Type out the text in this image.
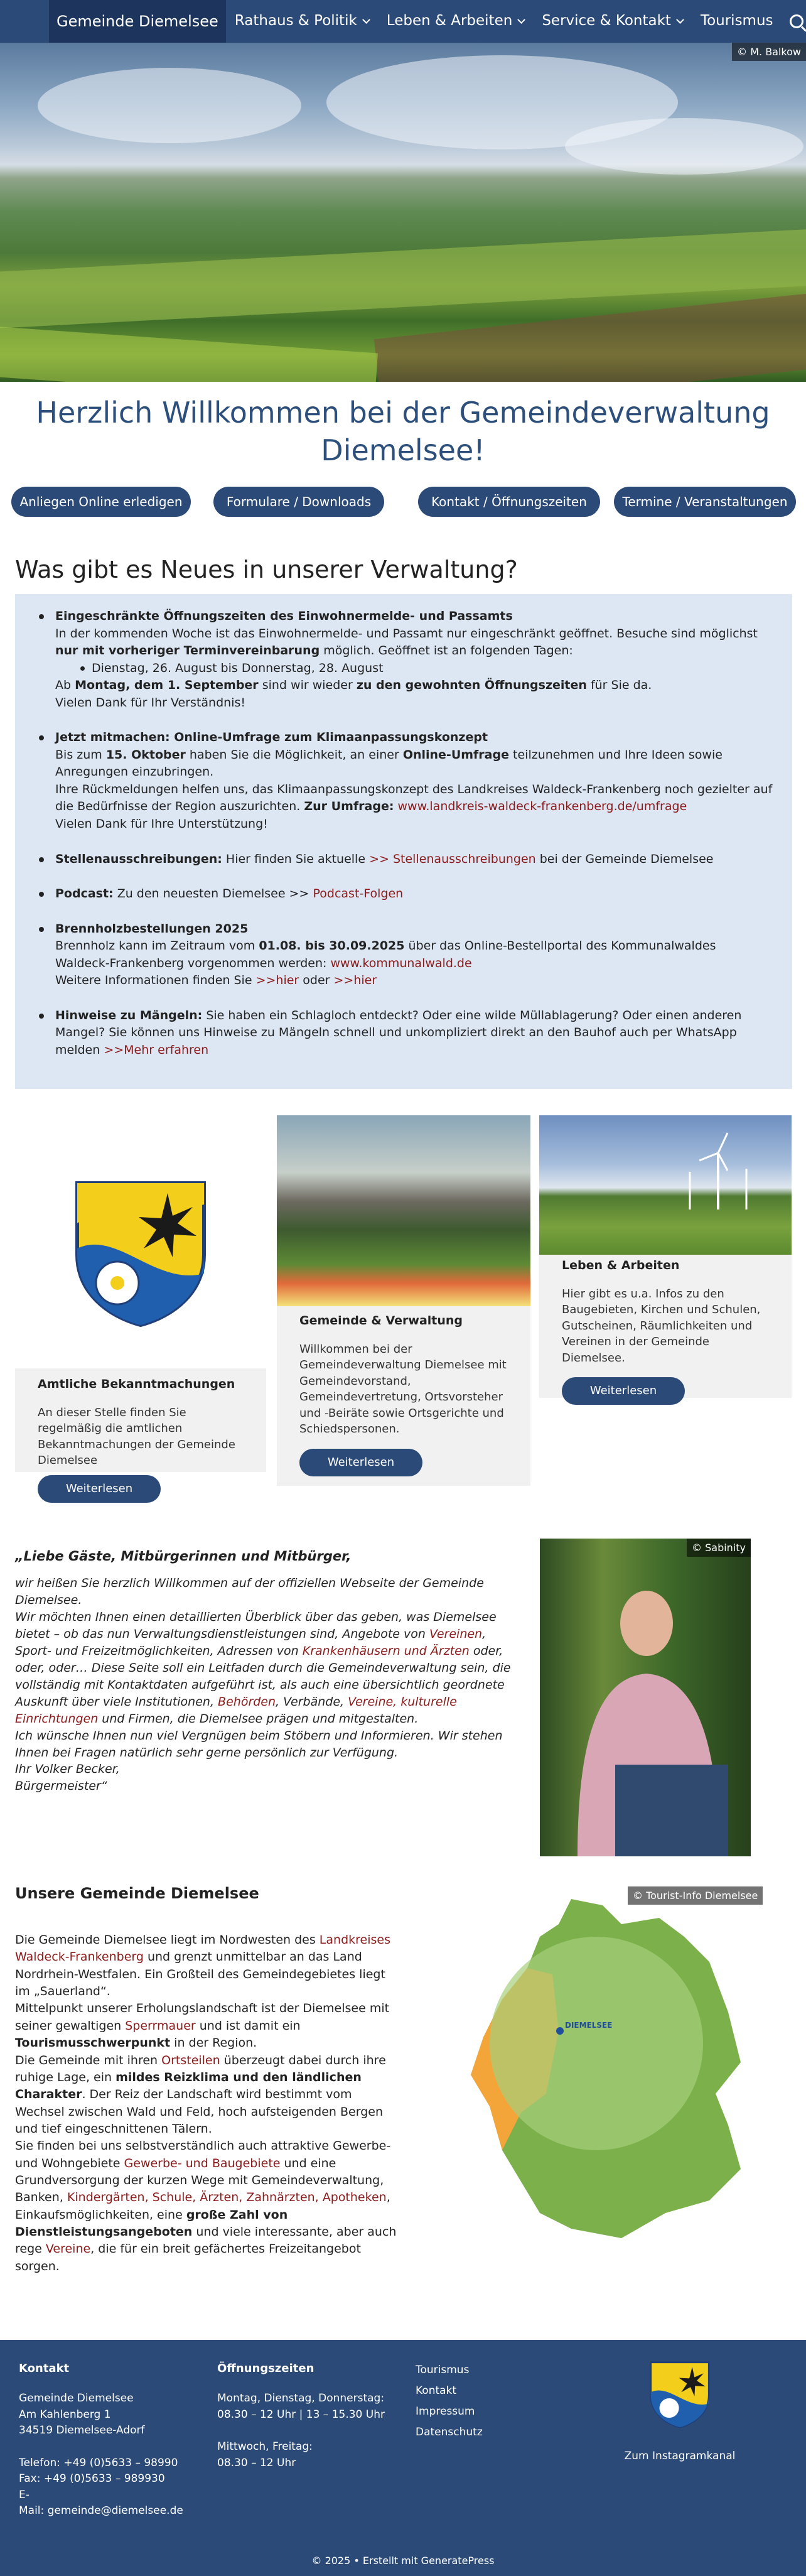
Gemeinde Diemelsee	Rathaus & Politik Leben & Arbeiten Service & Kontakt	Tourismus
© M. Balkow
Herzlich Willkommen bei der Gemeindeverwaltung
Diemelsee!
Anliegen Online erledigen	Formulare / Downloads	Kontakt / Öffnungszeiten	Termine / Veranstaltungen
Was gibt es Neues in unserer Verwaltung?
Eingeschränkte Öffnungszeiten des Einwohnermelde- und Passamts
In der kommenden Woche ist das Einwohnermelde- und Passamt nur eingeschränkt geöffnet. Besuche sind möglichst nur mit vorheriger Terminvereinbarung möglich. Geöffnet ist an folgenden Tagen:
Dienstag, 26. August bis Donnerstag, 28. August
Ab Montag, dem 1. September sind wir wieder zu den gewohnten Öffnungszeiten für Sie da.
Vielen Dank für Ihr Verständnis!
Jetzt mitmachen: Online-Umfrage zum Klimaanpassungskonzept
Bis zum 15. Oktober haben Sie die Möglichkeit, an einer Online-Umfrage teilzunehmen und Ihre Ideen sowie Anregungen einzubringen.
Ihre Rückmeldungen helfen uns, das Klimaanpassungskonzept des Landkreises Waldeck-Frankenberg noch gezielter auf die Bedürfnisse der Region auszurichten. Zur Umfrage: www.landkreis-waldeck-frankenberg.de/umfrage
Vielen Dank für Ihre Unterstützung!
Stellenausschreibungen: Hier finden Sie aktuelle >> Stellenausschreibungen bei der Gemeinde Diemelsee
Podcast: Zu den neuesten Diemelsee >> Podcast-Folgen
Brennholzbestellungen 2025
Brennholz kann im Zeitraum vom 01.08. bis 30.09.2025 über das Online-Bestellportal des Kommunalwaldes Waldeck-Frankenberg vorgenommen werden: www.kommunalwald.de
Weitere Informationen finden Sie >>hier oder >>hier
Hinweise zu Mängeln: Sie haben ein Schlagloch entdeckt? Oder eine wilde Müllablagerung? Oder einen anderen Mangel? Sie können uns Hinweise zu Mängeln schnell und unkompliziert direkt an den Bauhof auch per WhatsApp melden >>Mehr erfahren
Amtliche Bekanntmachungen

An dieser Stelle finden Sie regelmäßig die amtlichen Bekanntmachungen der Gemeinde Diemelsee

Weiterlesen
Gemeinde & Verwaltung

Willkommen bei der Gemeindeverwaltung Diemelsee mit Gemeindevorstand, Gemeindevertretung, Ortsvorsteher und -Beiräte sowie Ortsgerichte und Schiedspersonen.

Weiterlesen
Leben & Arbeiten

Hier gibt es u.a. Infos zu den Baugebieten, Kirchen und Schulen, Gutscheinen, Räumlichkeiten und Vereinen in der Gemeinde Diemelsee.

Weiterlesen
„Liebe Gäste, Mitbürgerinnen und Mitbürger,
wir heißen Sie herzlich Willkommen auf der offiziellen Webseite der Gemeinde Diemelsee.
Wir möchten Ihnen einen detaillierten Überblick über das geben, was Diemelsee bietet – ob das nun Verwaltungsdienstleistungen sind, Angebote von Vereinen, Sport- und Freizeitmöglichkeiten, Adressen von Krankenhäusern und Ärzten oder, oder, oder… Diese Seite soll ein Leitfaden durch die Gemeindeverwaltung sein, die vollständig mit Kontaktdaten aufgeführt ist, als auch eine übersichtlich geordnete Auskunft über viele Institutionen, Behörden, Verbände, Vereine, kulturelle Einrichtungen und Firmen, die Diemelsee prägen und mitgestalten.
Ich wünsche Ihnen nun viel Vergnügen beim Stöbern und Informieren. Wir stehen Ihnen bei Fragen natürlich sehr gerne persönlich zur Verfügung.
Ihr Volker Becker,
Bürgermeister“
© Sabinity
Unsere Gemeinde Diemelsee
Die Gemeinde Diemelsee liegt im Nordwesten des Landkreises Waldeck-Frankenberg und grenzt unmittelbar an das Land Nordrhein-Westfalen. Ein Großteil des Gemeindegebietes liegt im „Sauerland“.
Mittelpunkt unserer Erholungslandschaft ist der Diemelsee mit seiner gewaltigen Sperrmauer und ist damit ein Tourismusschwerpunkt in der Region.
Die Gemeinde mit ihren Ortsteilen überzeugt dabei durch ihre ruhige Lage, ein mildes Reizklima und den ländlichen Charakter. Der Reiz der Landschaft wird bestimmt vom Wechsel zwischen Wald und Feld, hoch aufsteigenden Bergen und tief eingeschnittenen Tälern.
Sie finden bei uns selbstverständlich auch attraktive Gewerbe- und Wohngebiete Gewerbe- und Baugebiete und eine Grundversorgung der kurzen Wege mit Gemeindeverwaltung, Banken, Kindergärten, Schule, Ärzten, Zahnärzten, Apotheken, Einkaufsmöglichkeiten, eine große Zahl von Dienstleistungsangeboten und viele interessante, aber auch rege Vereine, die für ein breit gefächertes Freizeitangebot sorgen.
DIEMELSEE
© Tourist-Info Diemelsee
Kontakt
Gemeinde Diemelsee
Am Kahlenberg 1
34519 Diemelsee-Adorf
Telefon: +49 (0)5633 – 98990
Fax: +49 (0)5633 – 989930
E-
Mail: gemeinde@diemelsee.de
Öffnungszeiten
Montag, Dienstag, Donnerstag:
08.30 – 12 Uhr | 13 – 15.30 Uhr
Mittwoch, Freitag:
08.30 – 12 Uhr
Tourismus
Kontakt
Impressum
Datenschutz
Zum Instagramkanal
© 2025 • Erstellt mit GeneratePress
